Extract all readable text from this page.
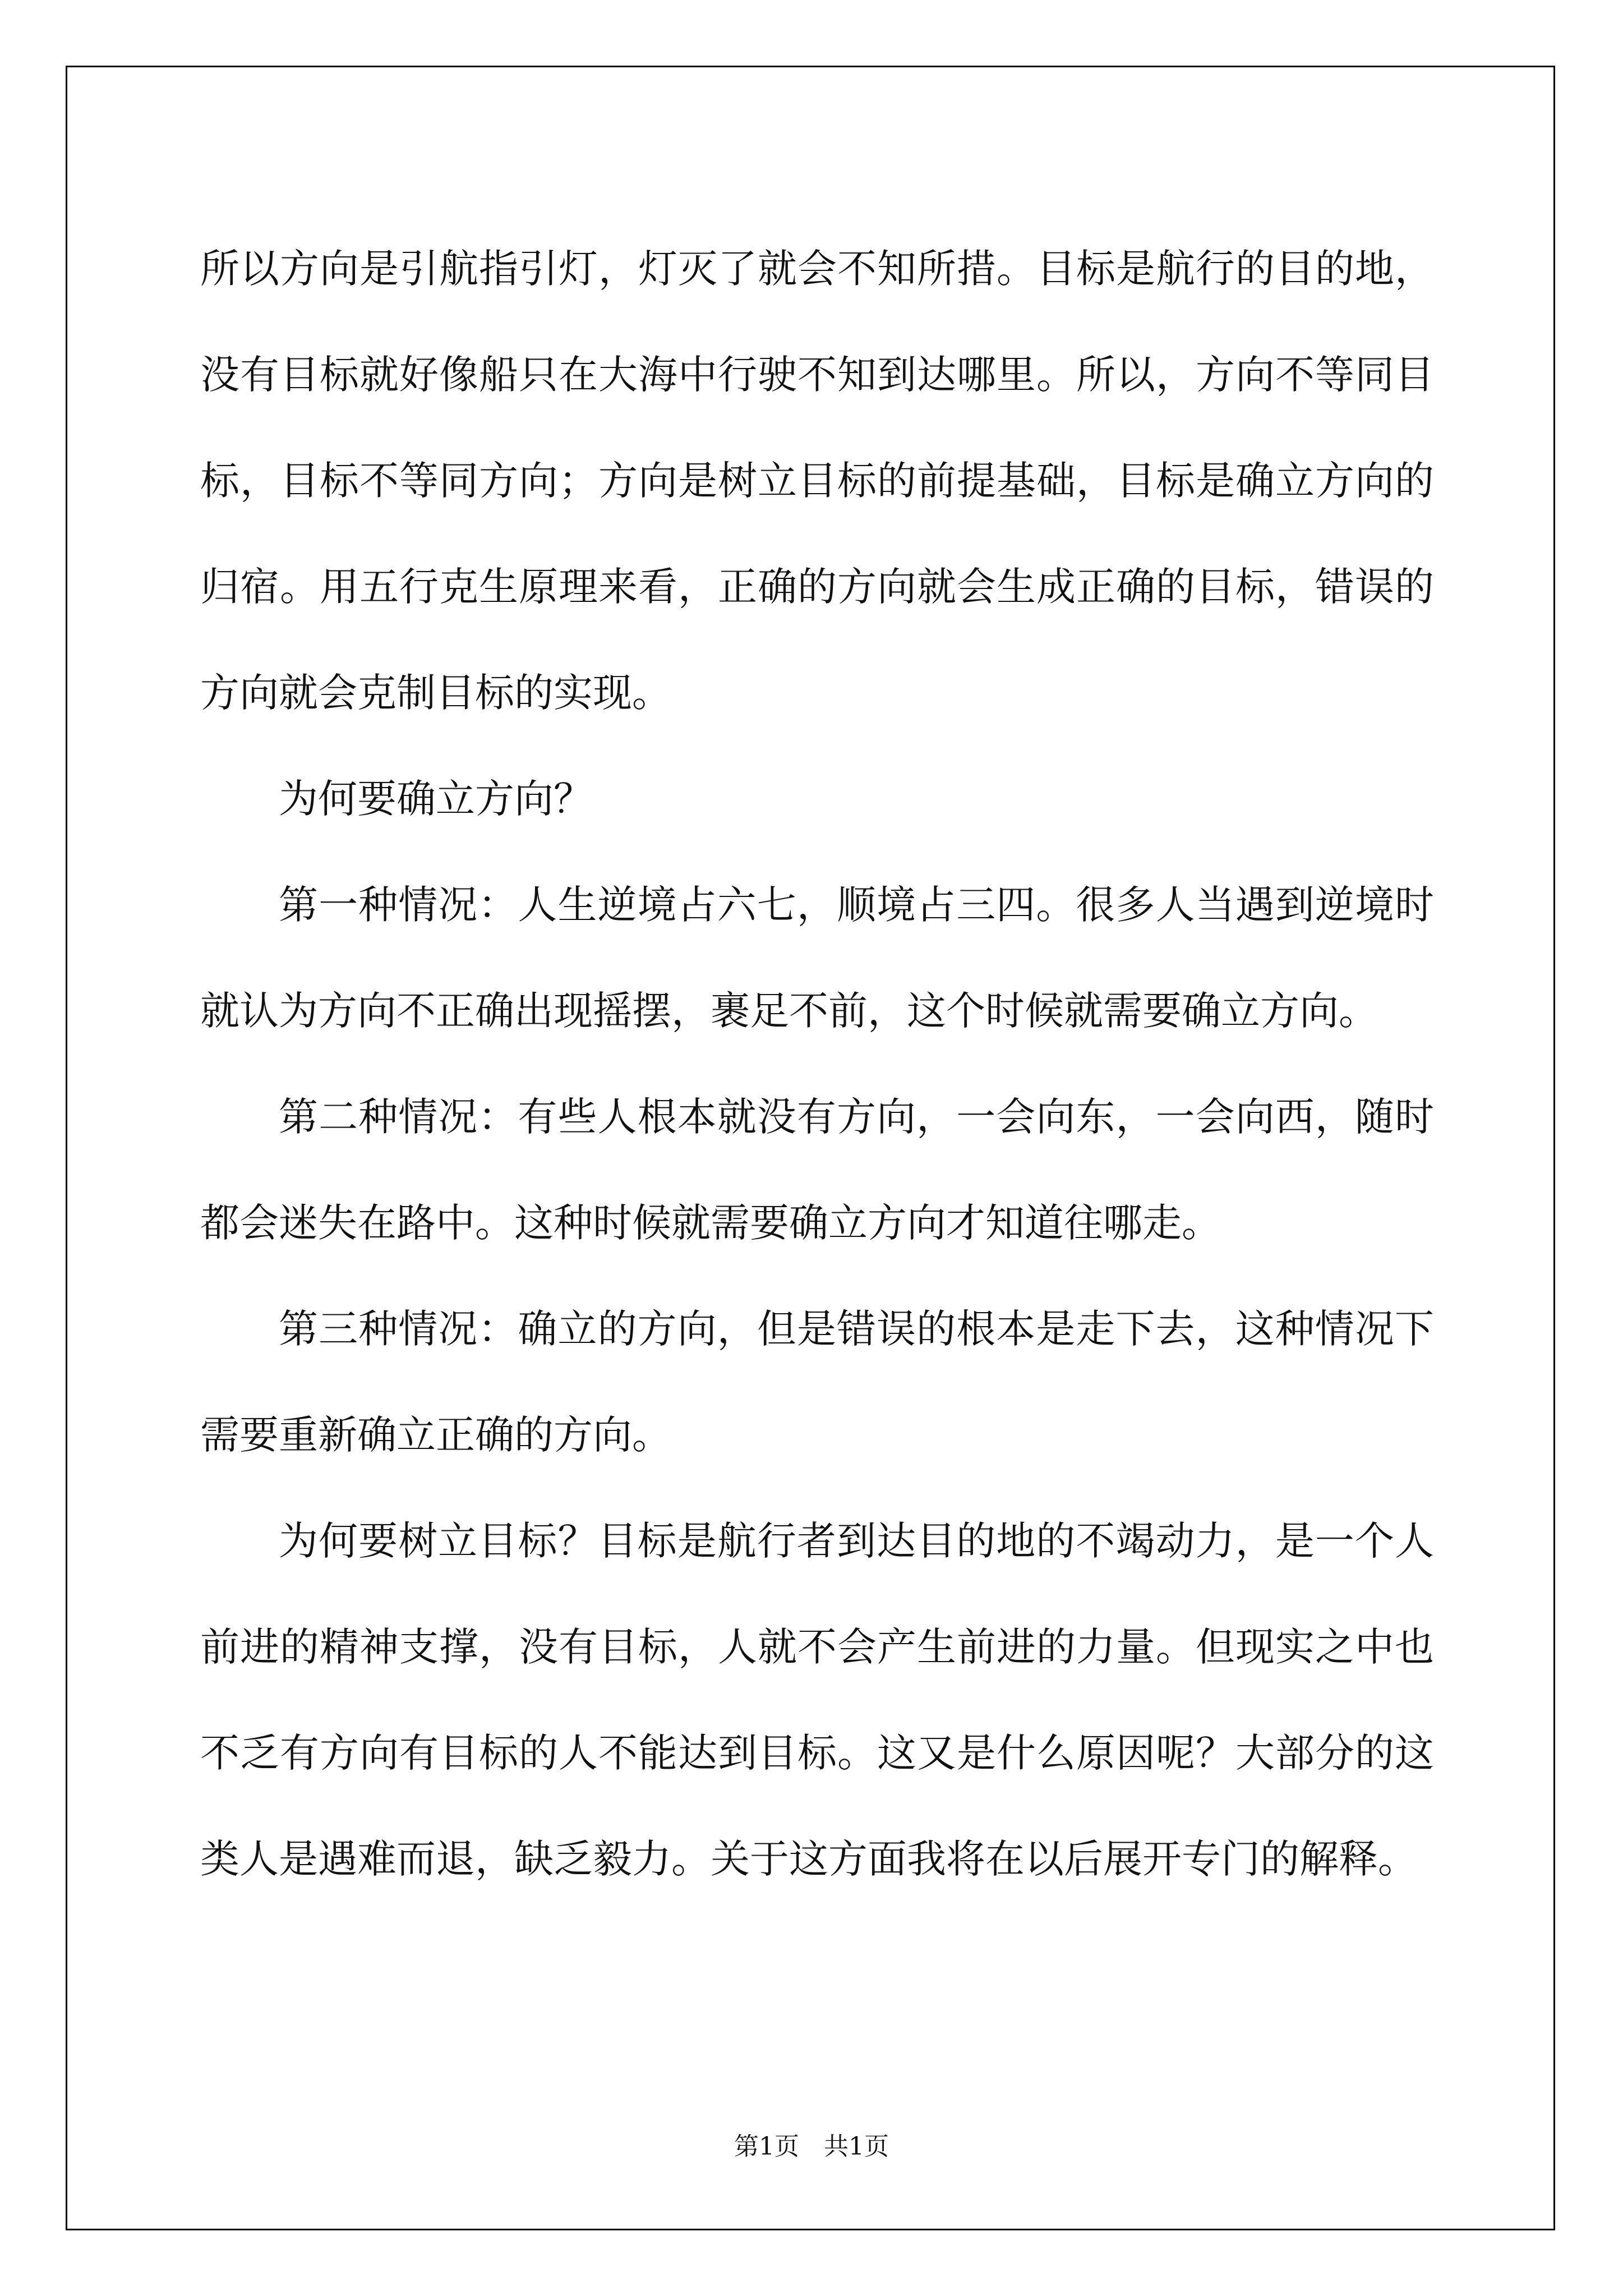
所以方向是引航指引灯，灯灭了就会不知所措。目标是航行的目的地，没有目标就好像船只在大海中行驶不知到达哪里。所以，方向不等同目标，目标不等同方向；方向是树立目标的前提基础，目标是确立方向的归宿。用五行克生原理来看，正确的方向就会生成正确的目标，错误的方向就会克制目标的实现。

为何要确立方向？

第一种情况：人生逆境占六七，顺境占三四。很多人当遇到逆境时就认为方向不正确出现摇摆，裹足不前，这个时候就需要确立方向。

第二种情况：有些人根本就没有方向，一会向东，一会向西，随时都会迷失在路中。这种时候就需要确立方向才知道往哪走。

第三种情况：确立的方向，但是错误的根本是走下去，这种情况下需要重新确立正确的方向。

为何要树立目标？目标是航行者到达目的地的不竭动力，是一个人前进的精神支撑，没有目标，人就不会产生前进的力量。但现实之中也不乏有方向有目标的人不能达到目标。这又是什么原因呢？大部分的这类人是遇难而退，缺乏毅力。关于这方面我将在以后展开专门的解释。

第1页　共1页
